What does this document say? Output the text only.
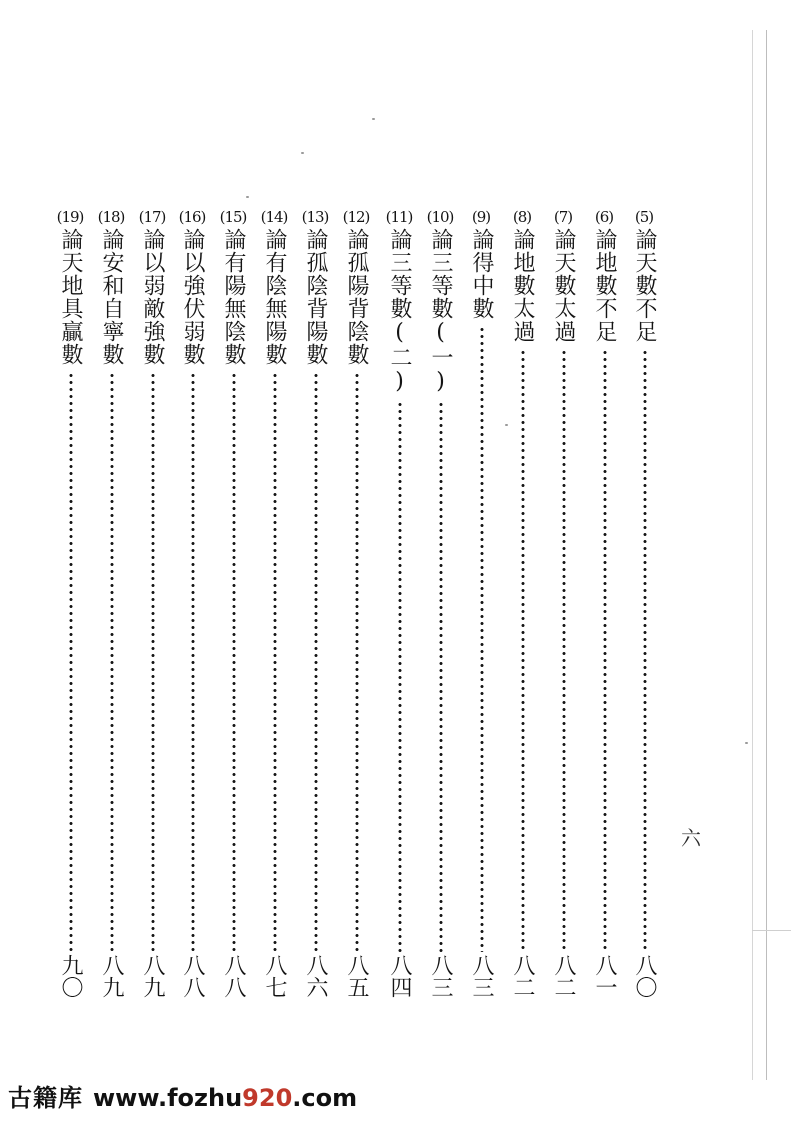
(5)
論天數不足
八〇
(6)
論地數不足
八一
(7)
論天數太過
八二
(8)
論地數太過
八二
(9)
論得中數
八三
(10)
論三等數(一)
八三
(11)
論三等數(二)
八四
(12)
論孤陽背陰數
八五
(13)
論孤陰背陽數
八六
(14)
論有陰無陽數
八七
(15)
論有陽無陰數
八八
(16)
論以強伏弱數
八八
(17)
論以弱敵強數
八九
(18)
論安和自寧數
八九
(19)
論天地具贏數
九〇
六
古籍库 www.fozhu920.com
